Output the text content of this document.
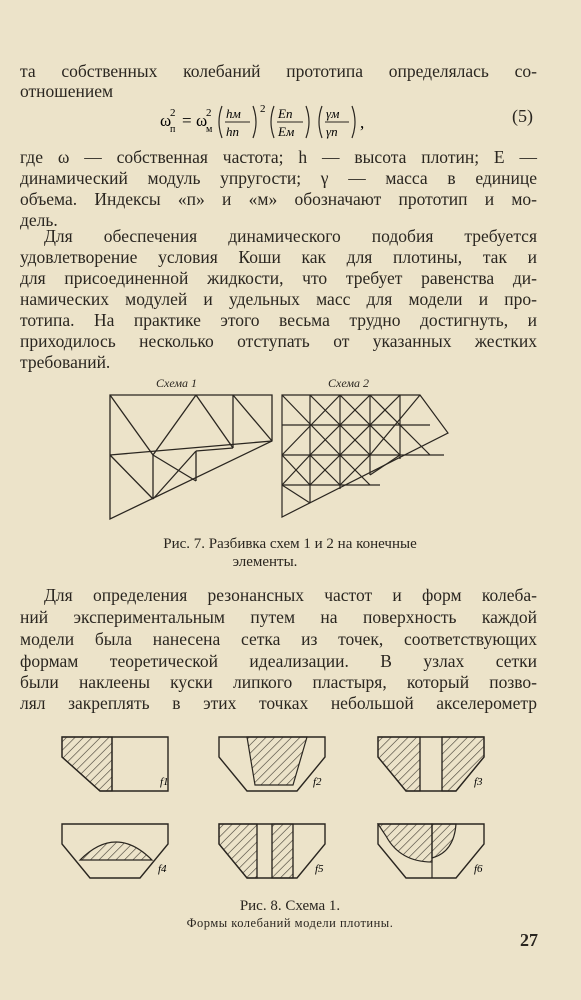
та собственных колебаний прототипа определялась со-
отношением
ω
2
п = ω
2
м
hм
hп
2 Eп
Eм
γм
γп ,	(5)
где ω — собственная частота; h — высота плотин; E —
динамический модуль упругости; γ — масса в единице
объема. Индексы «п» и «м» обозначают прототип и мо-
дель.
Для обеспечения динамического подобия требуется
удовлетворение условия Коши как для плотины, так и
для присоединенной жидкости, что требует равенства ди-
намических модулей и удельных масс для модели и про-
тотипа. На практике этого весьма трудно достигнуть, и
приходилось несколько отступать от указанных жестких
требований.
Схема 1	Схема 2
Рис. 7. Разбивка схем 1 и 2 на конечные
элементы.
Для определения резонансных частот и форм колеба-
ний экспериментальным путем на поверхность каждой
модели была нанесена сетка из точек, соответствующих
формам теоретической идеализации. В узлах сетки
были наклеены куски липкого пластыря, который позво-
лял закреплять в этих точках небольшой акселерометр
f1	f2	f3
f4	f5	f6
Рис. 8. Схема 1.
Формы колебаний модели плотины.
27
